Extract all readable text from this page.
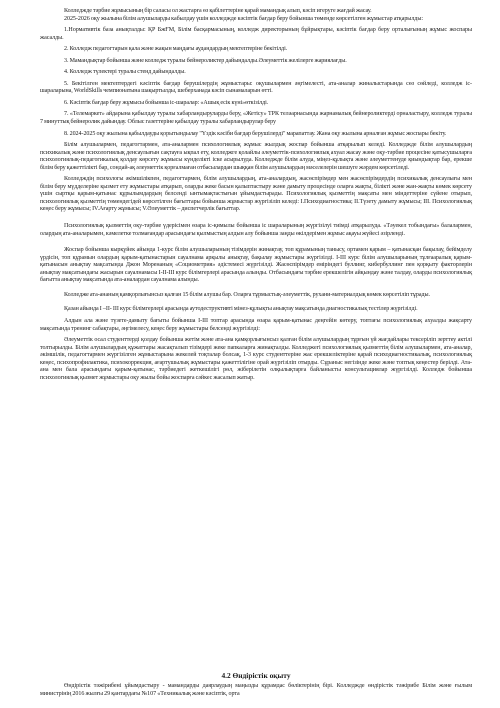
Колледжде тәрбие жұмысының бір саласы ол жастарға өз қабілеттеріне қарай мамандық алып, кәсіп игеруге жағдай жасау.

2025-2026 оқу жылына білім алушыларды кабылдау үшін колледжде кәсіптік бағдар беру бойынша төменде көрсетілген жұмыстар атқарылды:

1.Нормативтік база анықталды: ҚР БжҒМ, Білім басқармасының, колледж директорының бұйрықтары, кәсіптік бағдар беру орталығының жұмыс жоспары жасалды.

2. Колледж педагогтарын қала және жақын маңдағы аудандардың мектептеріне бекітілді.

3. Мамандықтар бойынша және колледж туралы бейнероликтер дайындалды.Әлеуметтік желілерге жариялағды.

4. Колледж түлектері туралы стенд дайындалды.

5. Бекітілген мектептердегі кәсіптік бағдар берушілердің жұмыстары: оқушылармен әңгімелесті, ата-аналар жиналыстарында сөз сөйледі, колледж іс-шараларына, WorldSkills чемпионатына шақыртылды, шеберханада кәсіп сынамаларын өтті.

6. Кәсіптік бағдар беру жұмысы бойынша іс-шаралар: «Ашық есік күні»өткізілді.

7. «Телемаркет» айдарына қабылдау туралы хабарландыруларды беру, «Жетісу» ТРК теләарнасында жарнамалық бейнероликтерді орналастыру, колледж туралы 7 минуттық бейнеролик дайындау. Облыс газеттеріне қабылдау туралы хабарландырулар беру

8. 2024-2025 оқу жылына қабылдауды қорытындылау "Үздік кәсіби бағдар берушілерді" марапаттау. Жана оқу жылына арналған жұмыс жоспары бекіту.

Білім алушылармен, педагогтармен, ата-аналармен психологиялық жұмыс жылдық жоспар бойынша атқарылып келеді. Колледжде білім алушылардың психикалық және психологиялық денсаулығын сақтауға ықпал ету, колледжге қолайлы әлеуметтік-психологиялық ахуал жасау және оқу-тәрбие процесіне қатысушыларға психологиялық-педагогикалық қолдау көрсету жұмысы күнделікті іске асырылуда. Колледжде білім алуда, міңез-құлықта және әлеуметтенуде қиындықтар бар, ерекше білім беру қажеттілікті бар, сондай-ақ әлеуметтік қорғалмаған отбасылардан шыққан білім алушылардың мәселелерін шешуге жәрдем көрсетіледі.

Колледждің психологы әкімшілікпен, педагогтармен, білім алушылардың, ата-аналардың, жасөспірімдер мен жасөспірімдердің психикалық денсаулығы мен білім беру мүдделеріне қызмет ету жұмыстары атқарып, оларды жеке басын қалыптастыру және дамыту процесінде оларға жақты, білікті және жан-жақты көмек көрсету үшін сыртқы қарым-қатынас құрылымдардың белсенді ынтымақтастығын ұйымдастырады. Психологиялық қызметтің мақсаты мен міндеттеріне сүйене отырып, психологиялық қызметтің төмендегідей көрсетілген бағыттары бойынша жұмыстар жүргізіліп келеді: І.Психодиагностика; ІІ.Түзету дамыту жұмысы; ІІІ. Психологиялық кеңес беру жұмысы; ІV.Ағарту жұмысы; V.Әлеуметтік – диспетчерлік бағыттар.

Психологиялық қызметтің оқу-тәрбие үдерісімен өзара іс-қимылы бойынша іс шараларының жүргізілуі тиімді атқарылуда. «Тәуекел тобындағы» балалармен, олардың ата-аналарымен, кәмелетке толмағандар арасындағы қылмыстың алдын алу бойынша заңды өкілдерімен жұмыс ақауы жүйесі әзірленді.

Жоспар бойынша кырқүйек айында 1-курс білім алушыларының тізімдерін жинақтау, топ құрамының танысу, ортамен қарым – қатынасқан бақылау, бейімделу үрдісін, топ құрамын олардың қарым-қатынастарын сауалнама арқылы анықтау, бақылау жұмыстары жүргізілді. І-ІІІ курс білім алушыларының тұлғааралық қарым-қатынасын анықтау мақсатында Джон Моренаның «Социометрия» әдістемесі жүргізілді. Жасөспірімдер еміріндегі буллинг, кибербуллинг пен қорқыту факторлерін анықтау мақсатындағы жасырын сауалнамасы І-ІІ-ІІІ курс білімгерлері арасында алынды. Отбасындағы тәрбие ерекшелігін айқындау және талдау, оларды психологиялық бағытта анықтау мақсатында ата-аналардан сауалнама алынды.

Колледже ата-ананың қамқорлығынсыз қалған 15 білім алушы бар. Оларға тұрмыстық-әлеуметтік, рухани-материалдық көмек көрсетіліп тұрады.

Қазан айында І –ІІ- ІІІ курс білімгерлері арасында аутодеструктивті мінез-құлықты анықтау мақсатында диагностикалық тестілер жүргізілді.

Алдын ала және түзете-дамыту бағыты бойынша І-ІІІ топтар арасында өзара қарым-қатынас деңгейін көтеру, топтағы психологиялық ахуалды жақсарту мақсатында тренинг сабақтары, әңгімелесу, кеңес беру жұмыстары белсенді жүргізілді:

Әлеуметтік осал студенттерді қолдау бойынша жетім және ата-ана қамқорлығынсыз қалған білім алушылардың тұрғын үй жағдайлары тексеріліп зерттеу актілі толтырылды. Білім алушылардың құжаттары жасақталып тізімдері жеке папкаларға жинақталды. Колледжегі психологиялық қызметтің білім алушылармен, ата-аналар, әкімшілік, педагогтармен жүргізілген жұмыстарына жекелей тоқталар болсақ, 1-3 курс студенттеріне жас ерекшеліктеріне қарай психодиагностикалық, психологиялық кеңес, психопрофилактика, психокоррекция, ағартушылық жұмыстары қажеттілігіне орай жүргізіліп отырды. Сұраныс негізінде жеке және топтық кеңестер берілді. Ата-ана мен бала арасындағы қарым-қатынас, тәрбиедегі жеткешілігі рөл, жіберілетін олқылықтарға байланысты консультациялар жүргізілді. Колледж бойынша психологиялық қызмет жұмыстары оқу жылы бойы жоспарға сәйкес жасалып жатыр.

4.2 Өндірістік оқыту

Өндірістік тәжірибені ұйымдастыру - мамандарды даярлаудың маңызды құрамдас бөліктерінің бірі. Колледжде өндірістік тәжірибе Білім және ғылым министрінің 2016 жылғы 29 қантардағы №107 «Техникалық және кәсіптік, орта
